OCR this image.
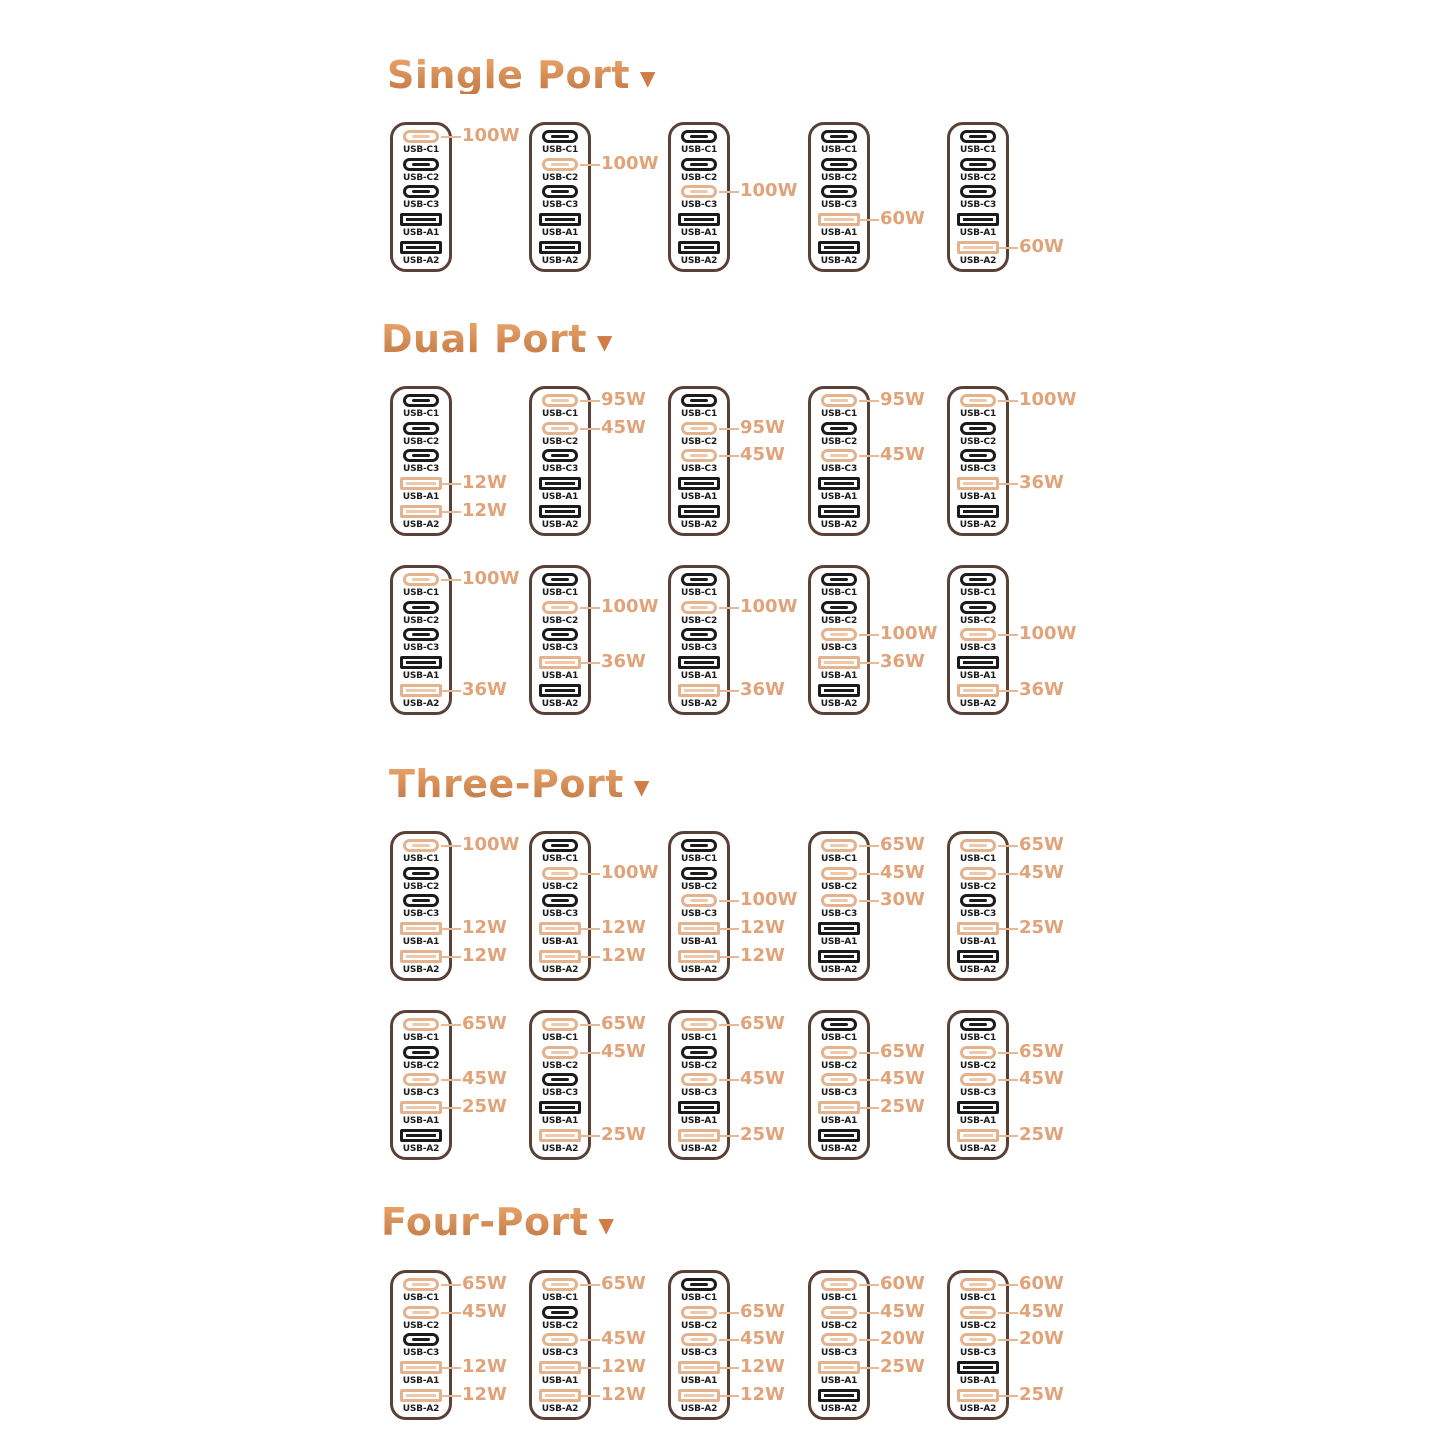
Single Port ▼
USB-C1
USB-C2
USB-C3
USB-A1
USB-A2
100W
USB-C1
USB-C2
USB-C3
USB-A1
USB-A2
100W
USB-C1
USB-C2
USB-C3
USB-A1
USB-A2
100W
USB-C1
USB-C2
USB-C3
USB-A1
USB-A2
60W
USB-C1
USB-C2
USB-C3
USB-A1
USB-A2
60W
Dual Port ▼
USB-C1
USB-C2
USB-C3
USB-A1
USB-A2
12W
12W
USB-C1
USB-C2
USB-C3
USB-A1
USB-A2
95W
45W
USB-C1
USB-C2
USB-C3
USB-A1
USB-A2
95W
45W
USB-C1
USB-C2
USB-C3
USB-A1
USB-A2
95W
45W
USB-C1
USB-C2
USB-C3
USB-A1
USB-A2
100W
36W
USB-C1
USB-C2
USB-C3
USB-A1
USB-A2
100W
36W
USB-C1
USB-C2
USB-C3
USB-A1
USB-A2
100W
36W
USB-C1
USB-C2
USB-C3
USB-A1
USB-A2
100W
36W
USB-C1
USB-C2
USB-C3
USB-A1
USB-A2
100W
36W
USB-C1
USB-C2
USB-C3
USB-A1
USB-A2
100W
36W
Three-Port ▼
USB-C1
USB-C2
USB-C3
USB-A1
USB-A2
100W
12W
12W
USB-C1
USB-C2
USB-C3
USB-A1
USB-A2
100W
12W
12W
USB-C1
USB-C2
USB-C3
USB-A1
USB-A2
100W
12W
12W
USB-C1
USB-C2
USB-C3
USB-A1
USB-A2
65W
45W
30W
USB-C1
USB-C2
USB-C3
USB-A1
USB-A2
65W
45W
25W
USB-C1
USB-C2
USB-C3
USB-A1
USB-A2
65W
45W
25W
USB-C1
USB-C2
USB-C3
USB-A1
USB-A2
65W
45W
25W
USB-C1
USB-C2
USB-C3
USB-A1
USB-A2
65W
45W
25W
USB-C1
USB-C2
USB-C3
USB-A1
USB-A2
65W
45W
25W
USB-C1
USB-C2
USB-C3
USB-A1
USB-A2
65W
45W
25W
Four-Port ▼
USB-C1
USB-C2
USB-C3
USB-A1
USB-A2
65W
45W
12W
12W
USB-C1
USB-C2
USB-C3
USB-A1
USB-A2
65W
45W
12W
12W
USB-C1
USB-C2
USB-C3
USB-A1
USB-A2
65W
45W
12W
12W
USB-C1
USB-C2
USB-C3
USB-A1
USB-A2
60W
45W
20W
25W
USB-C1
USB-C2
USB-C3
USB-A1
USB-A2
60W
45W
20W
25W
